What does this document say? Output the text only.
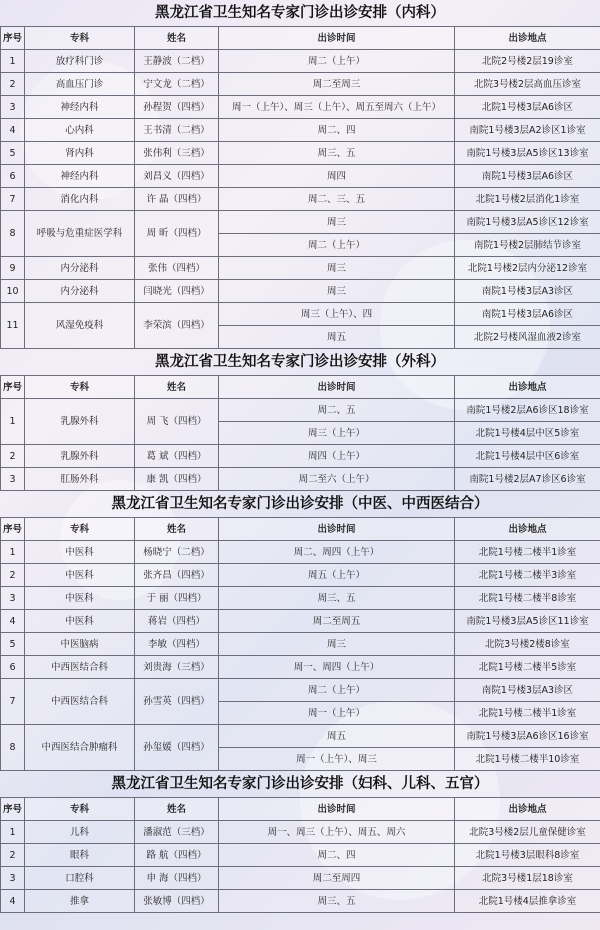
黑龙江省卫生知名专家门诊出诊安排（内科）
序号	专科	姓名	出诊时间	出诊地点
1	放疗科门诊	王静波（二档）	周二（上午）	北院2号楼2层19诊室
2	高血压门诊	宁文龙（二档）	周二至周三	北院3号楼2层高血压诊室
3	神经内科	孙程贺（四档）	周一（上午）、周三（上午）、周五至周六（上午）	北院1号楼3层A6诊区
4	心内科	王书清（二档）	周二、四	南院1号楼3层A2诊区1诊室
5	肾内科	张伟利（三档）	周三、五	南院1号楼3层A5诊区13诊室
6	神经内科	刘昌义（四档）	周四	南院1号楼3层A6诊区
7	消化内科	许 晶（四档）	周二、三、五	北院1号楼2层消化1诊室
8	呼吸与危重症医学科	周 昕（四档）	周三	南院1号楼3层A5诊区12诊室
			周二（上午）	南院1号楼2层肺结节诊室
9	内分泌科	张伟（四档）	周三	北院1号楼2层内分泌12诊室
10	内分泌科	闫晓光（四档）	周三	南院1号楼3层A3诊区
11	风湿免疫科	李荣滨（四档）	周三（上午）、四	南院1号楼3层A6诊区
			周五	北院2号楼风湿血液2诊室
黑龙江省卫生知名专家门诊出诊安排（外科）
序号	专科	姓名	出诊时间	出诊地点
1	乳腺外科	周 飞（四档）	周二、五	南院1号楼2层A6诊区18诊室
			周三（上午）	北院1号楼4层中区5诊室
2	乳腺外科	葛 斌（四档）	周四（上午）	北院1号楼4层中区6诊室
3	肛肠外科	康 凯（四档）	周二至六（上午）	南院1号楼2层A7诊区6诊室
黑龙江省卫生知名专家门诊出诊安排（中医、中西医结合）
序号	专科	姓名	出诊时间	出诊地点
1	中医科	杨晓宁（二档）	周二、周四（上午）	北院1号楼二楼半1诊室
2	中医科	张齐昌（四档）	周五（上午）	北院1号楼二楼半3诊室
3	中医科	于 丽（四档）	周三、五	北院1号楼二楼半8诊室
4	中医科	蒋岩（四档）	周二至周五	南院1号楼3层A5诊区11诊室
5	中医脑病	李敏（四档）	周三	北院3号楼2楼8诊室
6	中西医结合科	刘贵海（三档）	周一、周四（上午）	北院1号楼二楼半5诊室
7	中西医结合科	孙雪英（四档）	周二（上午）	南院1号楼3层A3诊区
			周一（上午）	北院1号楼二楼半1诊室
8	中西医结合肿瘤科	孙玺媛（四档）	周五	南院1号楼3层A6诊区16诊室
			周一（上午）、周三	北院1号楼二楼半10诊室
黑龙江省卫生知名专家门诊出诊安排（妇科、儿科、五官）
序号	专科	姓名	出诊时间	出诊地点
1	儿科	潘淑范（三档）	周一、周三（上午）、周五、周六	北院3号楼2层儿童保健诊室
2	眼科	路 航（四档）	周二、四	北院1号楼3层眼科8诊室
3	口腔科	申 海（四档）	周二至周四	北院3号楼1层18诊室
4	推拿	张敏博（四档）	周三、五	北院1号楼4层推拿诊室
